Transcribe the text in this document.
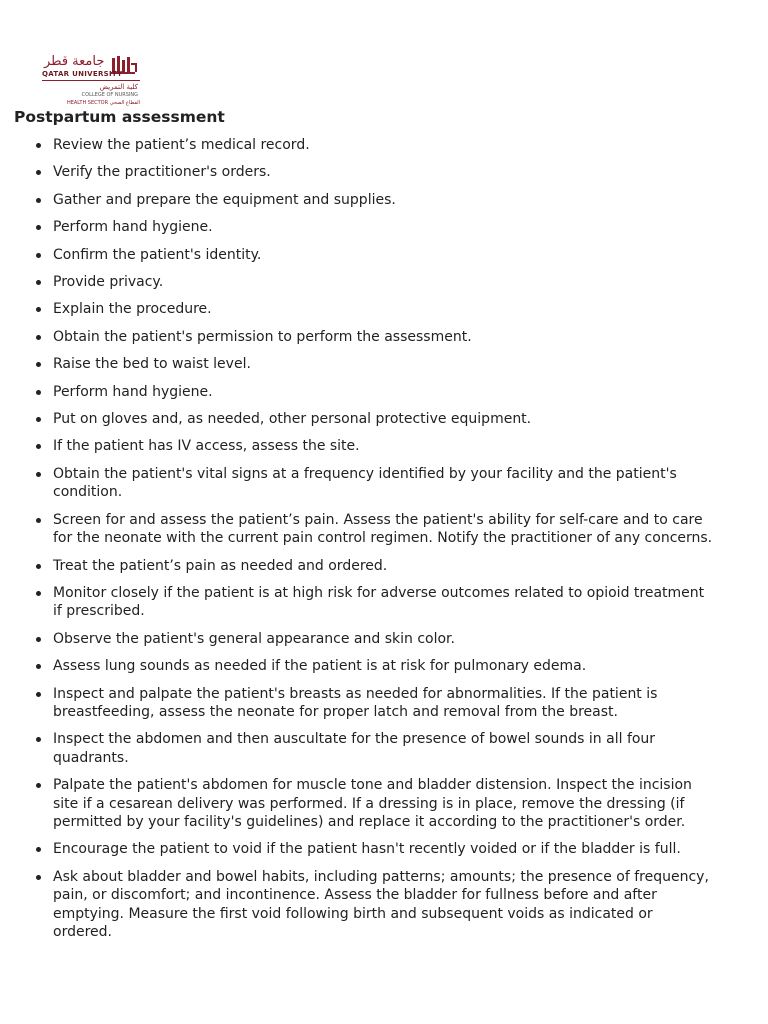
جامعة قطر
QATAR UNIVERSITY
كلية التمريض
COLLEGE OF NURSING
HEALTH SECTOR القطاع الصحي
Postpartum assessment
Review the patient’s medical record.
Verify the practitioner's orders.
Gather and prepare the equipment and supplies.
Perform hand hygiene.
Confirm the patient's identity.
Provide privacy.
Explain the procedure.
Obtain the patient's permission to perform the assessment.
Raise the bed to waist level.
Perform hand hygiene.
Put on gloves and, as needed, other personal protective equipment.
If the patient has IV access, assess the site.
Obtain the patient's vital signs at a frequency identified by your facility and the patient's condition.
Screen for and assess the patient’s pain. Assess the patient's ability for self-care and to care for the neonate with the current pain control regimen. Notify the practitioner of any concerns.
Treat the patient’s pain as needed and ordered.
Monitor closely if the patient is at high risk for adverse outcomes related to opioid treatment if prescribed.
Observe the patient's general appearance and skin color.
Assess lung sounds as needed if the patient is at risk for pulmonary edema.
Inspect and palpate the patient's breasts as needed for abnormalities. If the patient is breastfeeding, assess the neonate for proper latch and removal from the breast.
Inspect the abdomen and then auscultate for the presence of bowel sounds in all four quadrants.
Palpate the patient's abdomen for muscle tone and bladder distension. Inspect the incision site if a cesarean delivery was performed. If a dressing is in place, remove the dressing (if permitted by your facility's guidelines) and replace it according to the practitioner's order.
Encourage the patient to void if the patient hasn't recently voided or if the bladder is full.
Ask about bladder and bowel habits, including patterns; amounts; the presence of frequency, pain, or discomfort; and incontinence. Assess the bladder for fullness before and after emptying. Measure the first void following birth and subsequent voids as indicated or ordered.
